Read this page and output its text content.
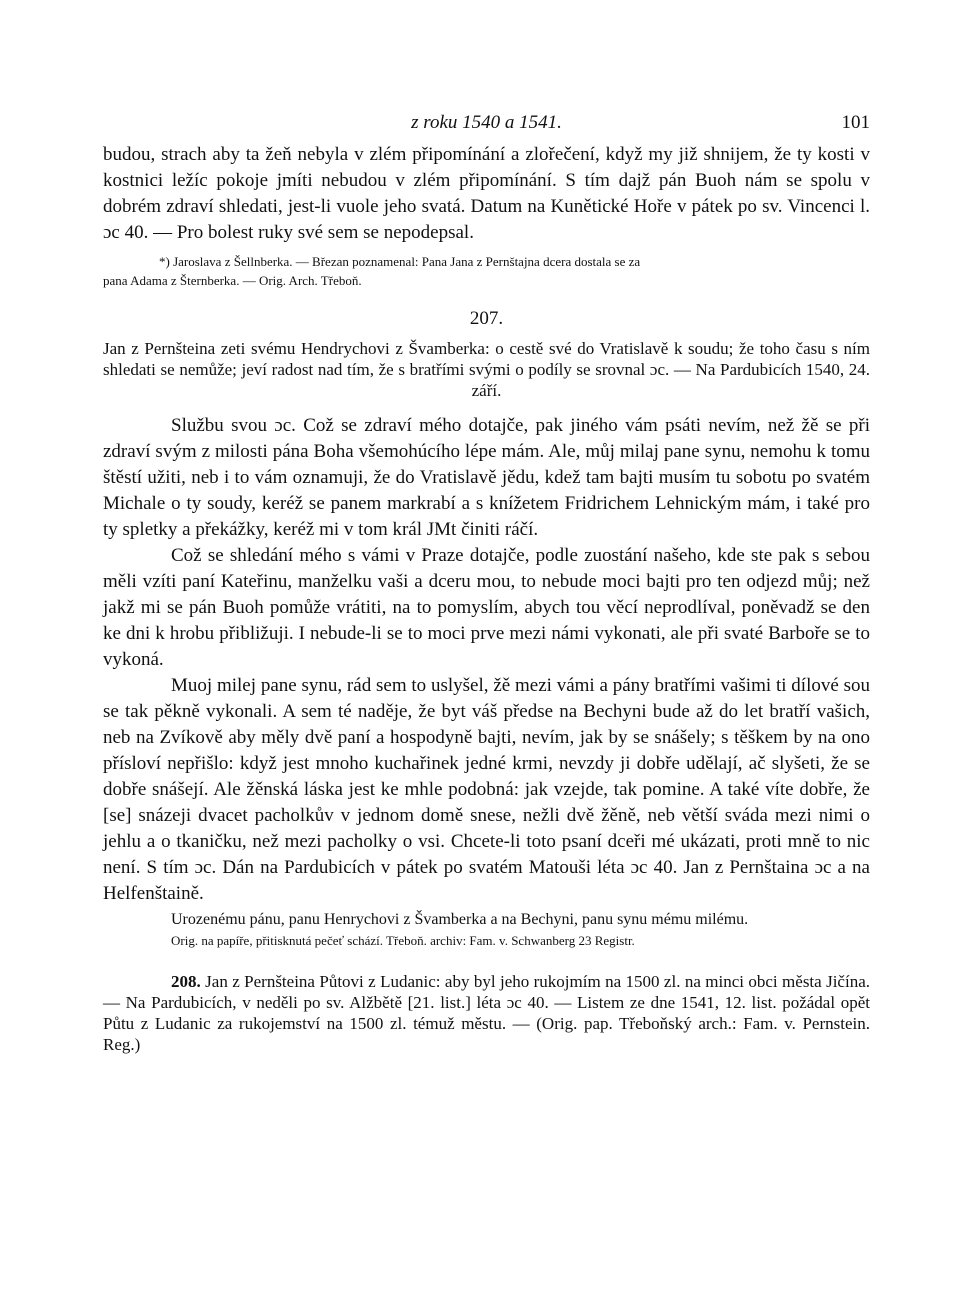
z roku 1540 a 1541.	101

budou, strach aby ta žeň nebyla v zlém připomínání a zlořečení, když my již shnijem, že ty kosti v kostnici ležíc pokoje jmíti nebudou v zlém připomínání. S tím dajž pán Buoh nám se spolu v dobrém zdraví shledati, jest-li vuole jeho svatá. Datum na Kunětické Hoře v pátek po sv. Vincenci l. ɔc 40. — Pro bolest ruky své sem se nepodepsal.

*) Jaroslava z Šellnberka. — Březan poznamenal: Pana Jana z Pernštajna dcera dostala se za
pana Adama z Šternberka. — Orig. Arch. Třeboň.
207.

Jan z Pernšteina zeti svému Hendrychovi z Švamberka: o cestě své do Vratislavě k soudu; že toho času s ním shledati se nemůže; jeví radost nad tím, že s bratřími svými o podíly se srovnal ɔc. — Na Pardubicích 1540, 24. září.

Službu svou ɔc. Což se zdraví mého dotajče, pak jiného vám psáti nevím, než žě se při zdraví svým z milosti pána Boha všemohúcího lépe mám. Ale, můj milaj pane synu, nemohu k tomu štěstí užiti, neb i to vám oznamuji, že do Vratislavě jědu, kdež tam bajti musím tu sobotu po svatém Michale o ty soudy, keréž se panem markrabí a s knížetem Fridrichem Lehnickým mám, i také pro ty spletky a překážky, keréž mi v tom král JMt činiti ráčí.

Což se shledání mého s vámi v Praze dotajče, podle zuostání našeho, kde ste pak s sebou měli vzíti paní Kateřinu, manželku vaši a dceru mou, to nebude moci bajti pro ten odjezd můj; než jakž mi se pán Buoh pomůže vrátiti, na to pomyslím, abych tou věcí neprodlíval, poněvadž se den ke dni k hrobu přibližuji. I nebude-li se to moci prve mezi námi vykonati, ale při svaté Barboře se to vykoná.

Muoj milej pane synu, rád sem to uslyšel, žě mezi vámi a pány bratřími vašimi ti dílové sou se tak pěkně vykonali. A sem té naděje, že byt váš předse na Bechyni bude až do let bratří vašich, neb na Zvíkově aby měly dvě paní a hospodyně bajti, nevím, jak by se snášely; s těškem by na ono přísloví nepřišlo: když jest mnoho kuchařinek jedné krmi, nevzdy ji dobře udělají, ač slyšeti, že se dobře snášejí. Ale žěnská láska jest ke mhle podobná: jak vzejde, tak pomine. A také víte dobře, že [se] snázeji dvacet pacholkův v jednom domě snese, nežli dvě žěně, neb větší sváda mezi nimi o jehlu a o tkaničku, než mezi pacholky o vsi. Chcete-li toto psaní dceři mé ukázati, proti mně to nic není. S tím ɔc. Dán na Pardubicích v pátek po svatém Matouši léta ɔc 40. Jan z Pernštaina ɔc a na Helfenštaině.

Urozenému pánu, panu Henrychovi z Švamberka a na Bechyni, panu synu mému milému.

Orig. na papíře, přitisknutá pečeť schází. Třeboň. archiv: Fam. v. Schwanberg 23 Registr.

208. Jan z Pernšteina Půtovi z Ludanic: aby byl jeho rukojmím na 1500 zl. na minci obci města Jičína. — Na Pardubicích, v neděli po sv. Alžbětě [21. list.] léta ɔc 40. — Listem ze dne 1541, 12. list. požádal opět Půtu z Ludanic za rukojemství na 1500 zl. témuž městu. — (Orig. pap. Třeboňský arch.: Fam. v. Pernstein. Reg.)
